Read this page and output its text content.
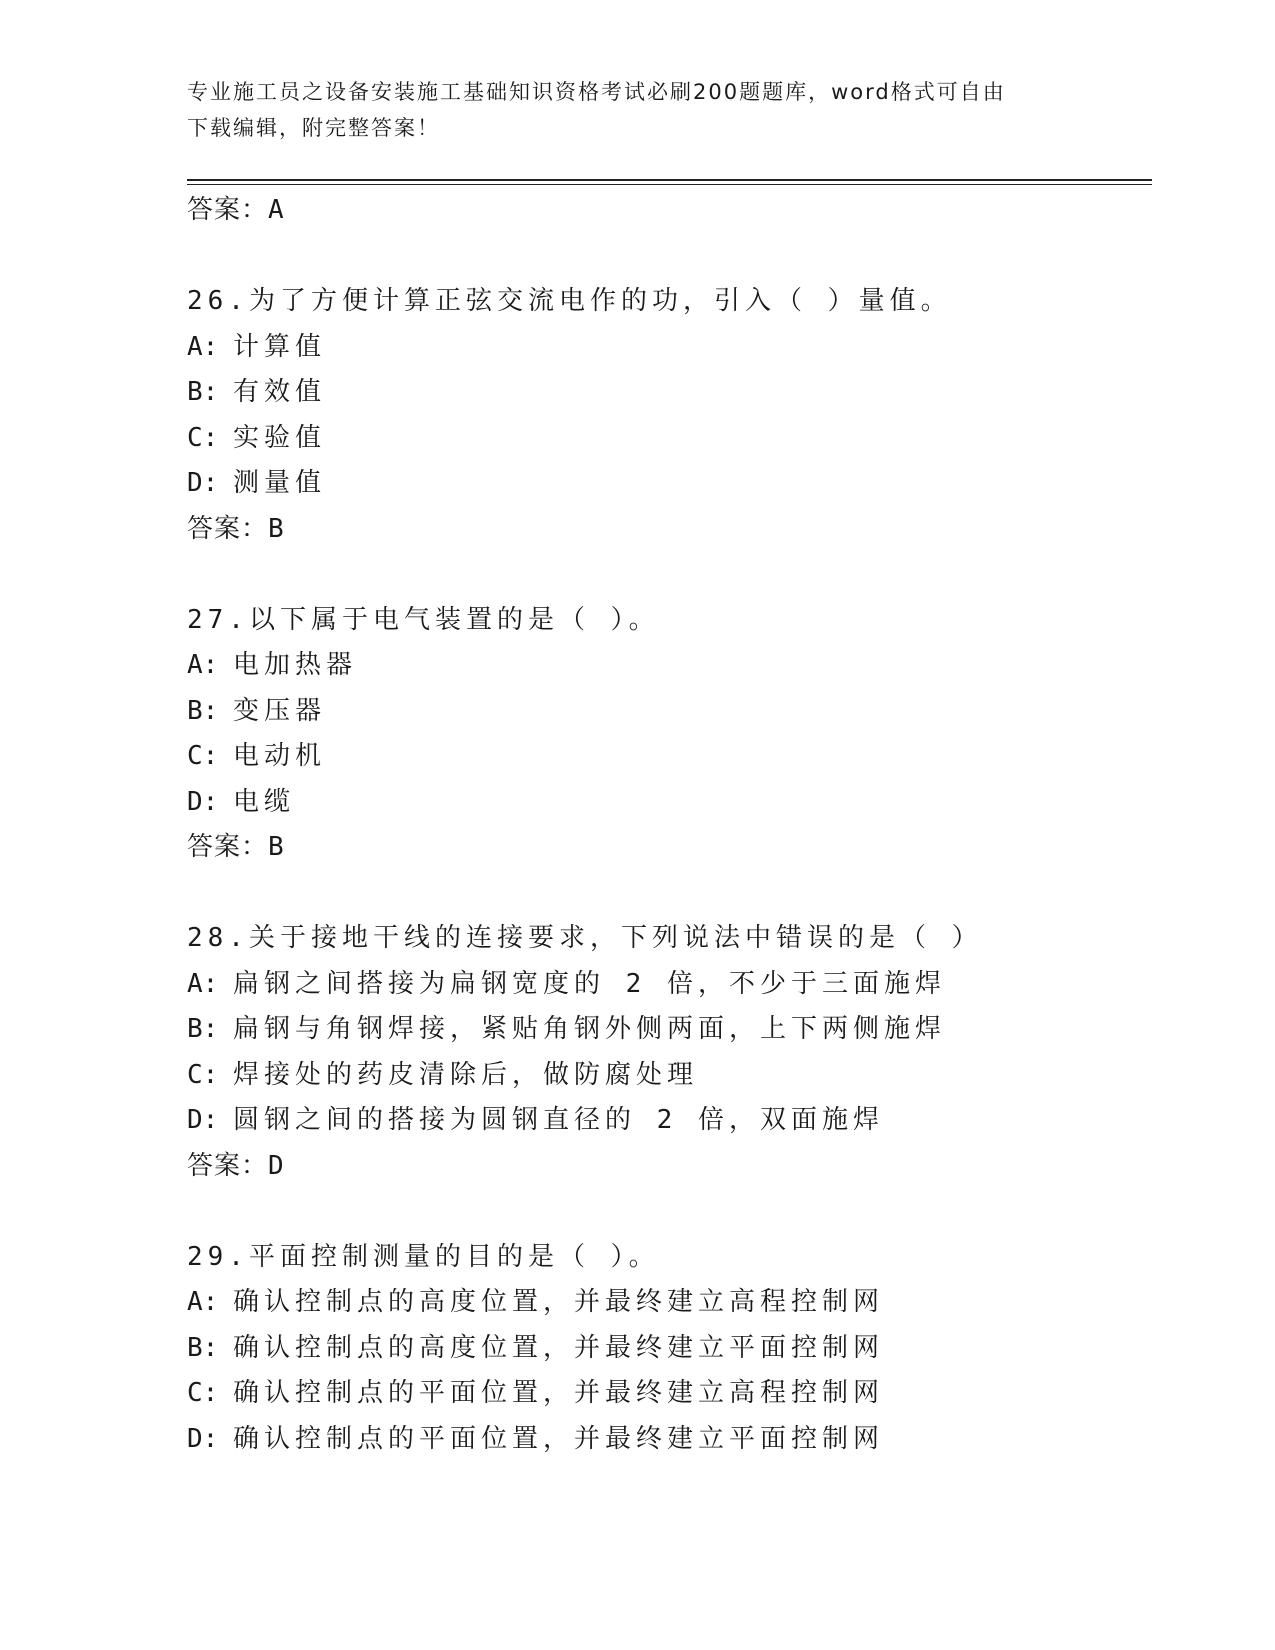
专业施工员之设备安装施工基础知识资格考试必刷200题题库，word格式可自由
下载编辑，附完整答案！
答案：A
26.为了方便计算正弦交流电作的功，引入（ ）量值。
A: 计算值
B: 有效值
C: 实验值
D: 测量值
答案：B
27.以下属于电气装置的是（ ）。
A: 电加热器
B: 变压器
C: 电动机
D: 电缆
答案：B
28.关于接地干线的连接要求，下列说法中错误的是（ ）
A: 扁钢之间搭接为扁钢宽度的 2 倍，不少于三面施焊
B: 扁钢与角钢焊接，紧贴角钢外侧两面，上下两侧施焊
C: 焊接处的药皮清除后，做防腐处理
D: 圆钢之间的搭接为圆钢直径的 2 倍，双面施焊
答案：D
29.平面控制测量的目的是（ ）。
A: 确认控制点的高度位置，并最终建立高程控制网
B: 确认控制点的高度位置，并最终建立平面控制网
C: 确认控制点的平面位置，并最终建立高程控制网
D: 确认控制点的平面位置，并最终建立平面控制网
